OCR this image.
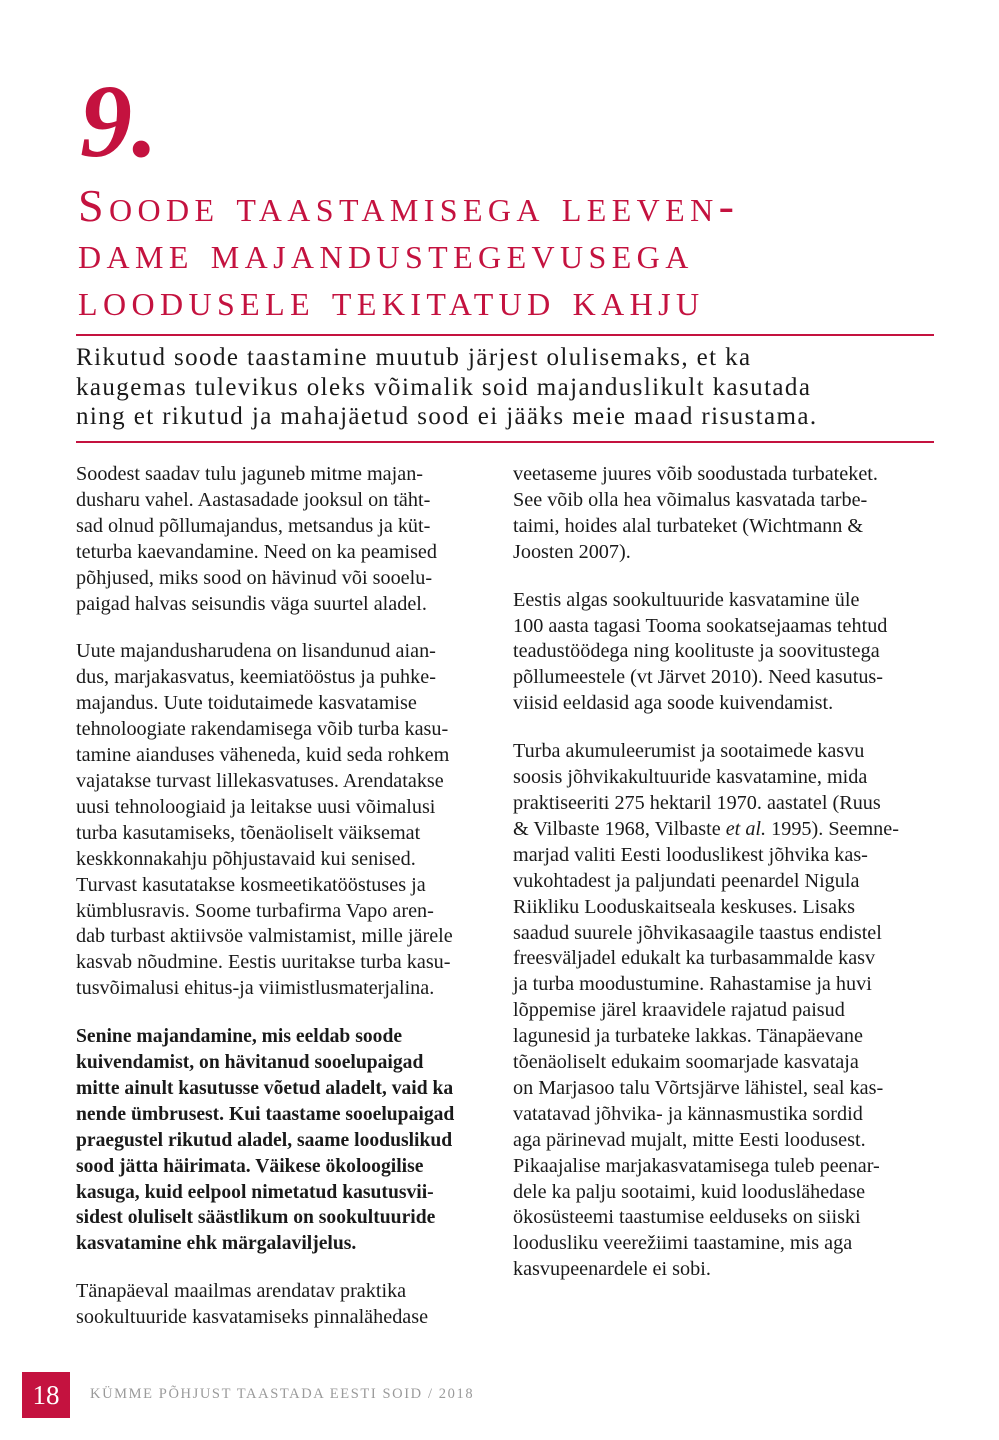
9.
Soode taastamisega leeven-
dame majandustegevusega
loodusele tekitatud kahju

Rikutud soode taastamine muutub järjest olulisemaks, et ka
kaugemas tulevikus oleks võimalik soid majanduslikult kasutada
ning et rikutud ja mahajäetud sood ei jääks meie maad risustama.

Soodest saadav tulu jaguneb mitme majan-
dusharu vahel. Aastasadade jooksul on täht-
sad olnud põllumajandus, metsandus ja küt-
teturba kaevandamine. Need on ka peamised
põhjused, miks sood on hävinud või sooelu-
paigad halvas seisundis väga suurtel aladel.

Uute majandusharudena on lisandunud aian-
dus, marjakasvatus, keemiatööstus ja puhke-
majandus. Uute toidutaimede kasvatamise
tehnoloogiate rakendamisega võib turba kasu-
tamine aianduses väheneda, kuid seda rohkem
vajatakse turvast lillekasvatuses. Arendatakse
uusi tehnoloogiaid ja leitakse uusi võimalusi
turba kasutamiseks, tõenäoliselt väiksemat
keskkonnakahju põhjustavaid kui senised.
Turvast kasutatakse kosmeetikatööstuses ja
kümblusravis. Soome turbafirma Vapo aren-
dab turbast aktiivsöe valmistamist, mille järele
kasvab nõudmine. Eestis uuritakse turba kasu-
tusvõimalusi ehitus-ja viimistlusmaterjalina.

Senine majandamine, mis eeldab soode
kuivendamist, on hävitanud sooelupaigad
mitte ainult kasutusse võetud aladelt, vaid ka
nende ümbrusest. Kui taastame sooelupaigad
praegustel rikutud aladel, saame looduslikud
sood jätta häirimata. Väikese ökoloogilise
kasuga, kuid eelpool nimetatud kasutusvii-
sidest oluliselt säästlikum on sookultuuride
kasvatamine ehk märgalaviljelus.

Tänapäeval maailmas arendatav praktika
sookultuuride kasvatamiseks pinnalähedase

veetaseme juures võib soodustada turbateket.
See võib olla hea võimalus kasvatada tarbe-
taimi, hoides alal turbateket (Wichtmann &
Joosten 2007).

Eestis algas sookultuuride kasvatamine üle
100 aasta tagasi Tooma sookatsejaamas tehtud
teadustöödega ning koolituste ja soovitustega
põllumeestele (vt Järvet 2010). Need kasutus-
viisid eeldasid aga soode kuivendamist.

Turba akumuleerumist ja sootaimede kasvu
soosis jõhvikakultuuride kasvatamine, mida
praktiseeriti 275 hektaril 1970. aastatel (Ruus
& Vilbaste 1968, Vilbaste et al. 1995). Seemne-
marjad valiti Eesti looduslikest jõhvika kas-
vukohtadest ja paljundati peenardel Nigula
Riikliku Looduskaitseala keskuses. Lisaks
saadud suurele jõhvikasaagile taastus endistel
freesväljadel edukalt ka turbasammalde kasv
ja turba moodustumine. Rahastamise ja huvi
lõppemise järel kraavidele rajatud paisud
lagunesid ja turbateke lakkas. Tänapäevane
tõenäoliselt edukaim soomarjade kasvataja
on Marjasoo talu Võrtsjärve lähistel, seal kas-
vatatavad jõhvika- ja kännasmustika sordid
aga pärinevad mujalt, mitte Eesti loodusest.
Pikaajalise marjakasvatamisega tuleb peenar-
dele ka palju sootaimi, kuid looduslähedase
ökosüsteemi taastumise eelduseks on siiski
loodusliku veerežiimi taastamine, mis aga
kasvupeenardele ei sobi.

18	KÜMME PÕHJUST TAASTADA EESTI SOID / 2018
